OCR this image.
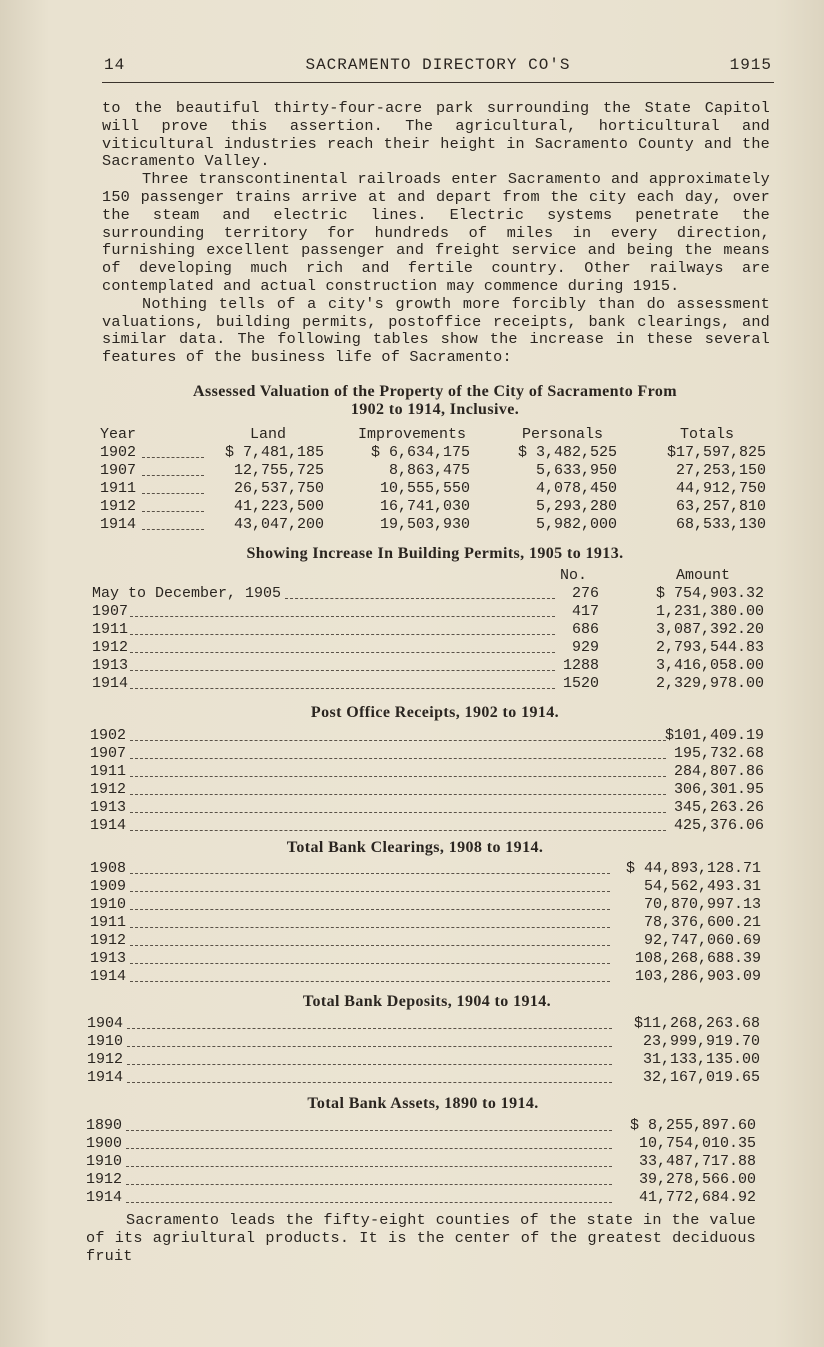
14	SACRAMENTO DIRECTORY CO'S	1915

to the beautiful thirty-four-acre park surrounding the State Capitol will prove this assertion. The agricultural, horticultural and viticultural industries reach their height in Sacramento County and the Sacramento Valley.

Three transcontinental railroads enter Sacramento and approximately 150 passenger trains arrive at and depart from the city each day, over the steam and electric lines. Electric systems penetrate the surrounding territory for hundreds of miles in every direction, furnishing excellent passenger and freight service and being the means of developing much rich and fertile country. Other railways are contemplated and actual construction may commence during 1915.

Nothing tells of a city's growth more forcibly than do assessment valuations, building permits, postoffice receipts, bank clearings, and similar data. The following tables show the increase in these several features of the business life of Sacramento:

Assessed Valuation of the Property of the City of Sacramento From
1902 to 1914, Inclusive.
Year	Land	Improvements	Personals	Totals
1902	$ 7,481,185	$ 6,634,175	$ 3,482,525	$17,597,825
1907	12,755,725	8,863,475	5,633,950	27,253,150
1911	26,537,750	10,555,550	4,078,450	44,912,750
1912	41,223,500	16,741,030	5,293,280	63,257,810
1914	43,047,200	19,503,930	5,982,000	68,533,130
Showing Increase In Building Permits, 1905 to 1913.
No.	Amount
May to December, 1905	276	$ 754,903.32
1907	417	1,231,380.00
1911	686	3,087,392.20
1912	929	2,793,544.83
1913	1288	3,416,058.00
1914	1520	2,329,978.00
Post Office Receipts, 1902 to 1914.
1902	$101,409.19
1907	195,732.68
1911	284,807.86
1912	306,301.95
1913	345,263.26
1914	425,376.06
Total Bank Clearings, 1908 to 1914.
1908	$ 44,893,128.71
1909	54,562,493.31
1910	70,870,997.13
1911	78,376,600.21
1912	92,747,060.69
1913	108,268,688.39
1914	103,286,903.09
Total Bank Deposits, 1904 to 1914.
1904	$11,268,263.68
1910	23,999,919.70
1912	31,133,135.00
1914	32,167,019.65
Total Bank Assets, 1890 to 1914.
1890	$ 8,255,897.60
1900	10,754,010.35
1910	33,487,717.88
1912	39,278,566.00
1914	41,772,684.92

Sacramento leads the fifty-eight counties of the state in the value of its agriultural products. It is the center of the greatest deciduous fruit
